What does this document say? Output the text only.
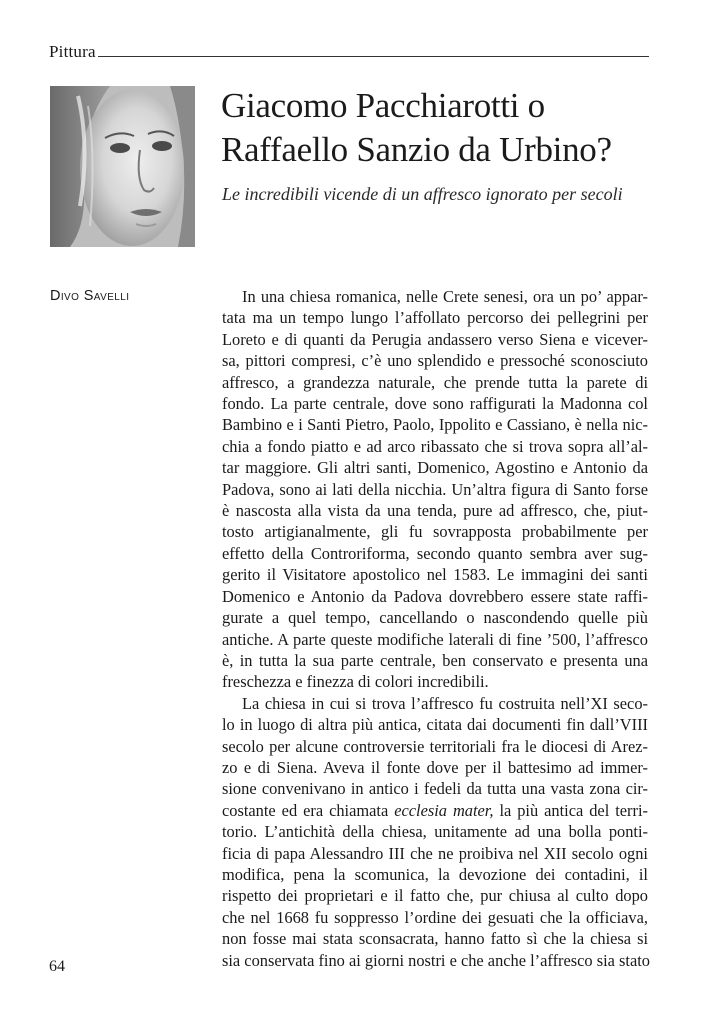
Pittura
Giacomo Pacchiarotti o
Raffaello Sanzio da Urbino?

Le incredibili vicende di un affresco ignorato per secoli

Divo Savelli	In una chiesa romanica, nelle Crete senesi, ora un po’ appar-
tata ma un tempo lungo l’affollato percorso dei pellegrini per
Loreto e di quanti da Perugia andassero verso Siena e vicever-
sa, pittori compresi, c’è uno splendido e pressoché sconosciuto
affresco, a grandezza naturale, che prende tutta la parete di
fondo. La parte centrale, dove sono raffigurati la Madonna col
Bambino e i Santi Pietro, Paolo, Ippolito e Cassiano, è nella nic-
chia a fondo piatto e ad arco ribassato che si trova sopra all’al-
tar maggiore. Gli altri santi, Domenico, Agostino e Antonio da
Padova, sono ai lati della nicchia. Un’altra figura di Santo forse
è nascosta alla vista da una tenda, pure ad affresco, che, piut-
tosto artigianalmente, gli fu sovrapposta probabilmente per
effetto della Controriforma, secondo quanto sembra aver sug-
gerito il Visitatore apostolico nel 1583. Le immagini dei santi
Domenico e Antonio da Padova dovrebbero essere state raffi-
gurate a quel tempo, cancellando o nascondendo quelle più
antiche. A parte queste modifiche laterali di fine ’500, l’affresco
è, in tutta la sua parte centrale, ben conservato e presenta una
freschezza e finezza di colori incredibili.
La chiesa in cui si trova l’affresco fu costruita nell’XI seco-
lo in luogo di altra più antica, citata dai documenti fin dall’VIII
secolo per alcune controversie territoriali fra le diocesi di Arez-
zo e di Siena. Aveva il fonte dove per il battesimo ad immer-
sione convenivano in antico i fedeli da tutta una vasta zona cir-
costante ed era chiamata ecclesia mater, la più antica del terri-
torio. L’antichità della chiesa, unitamente ad una bolla ponti-
ficia di papa Alessandro III che ne proibiva nel XII secolo ogni
modifica, pena la scomunica, la devozione dei contadini, il
rispetto dei proprietari e il fatto che, pur chiusa al culto dopo
che nel 1668 fu soppresso l’ordine dei gesuati che la officiava,
non fosse mai stata sconsacrata, hanno fatto sì che la chiesa si
sia conservata fino ai giorni nostri e che anche l’affresco sia stato
64
